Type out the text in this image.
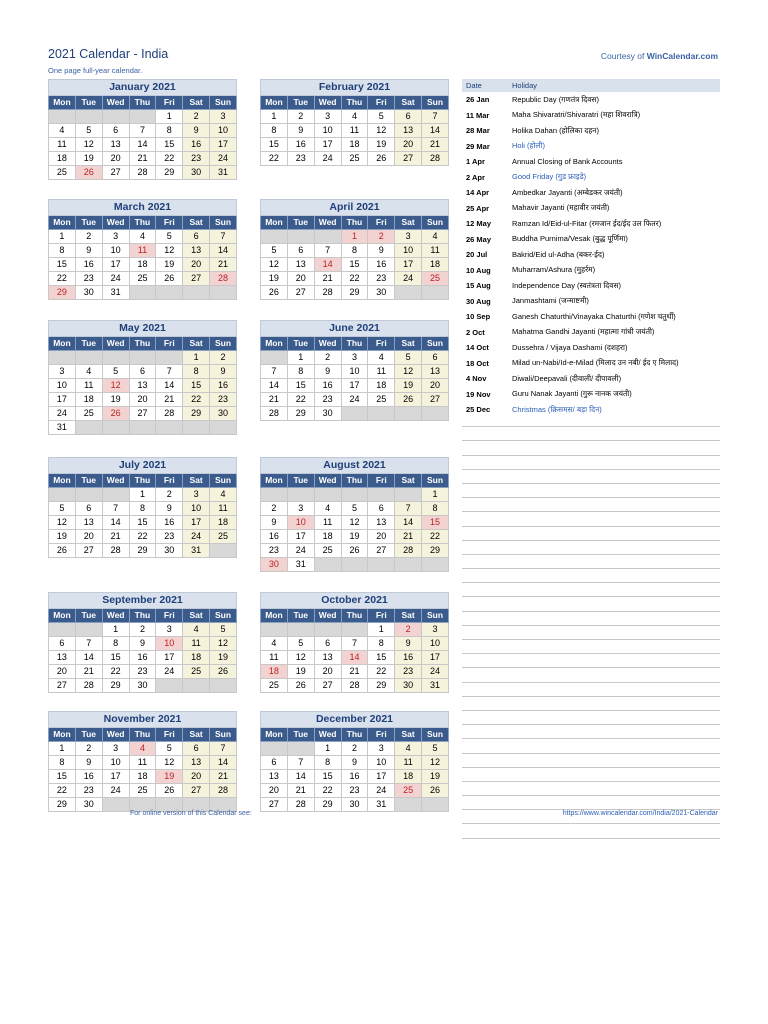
2021 Calendar - India
One page full-year calendar.
Courtesy of WinCalendar.com
January 2021						
Mon	Tue	Wed	Thu	Fri	Sat	Sun
				1	2	3
4	5	6	7	8	9	10
11	12	13	14	15	16	17
18	19	20	21	22	23	24
25	26	27	28	29	30	31
February 2021						
Mon	Tue	Wed	Thu	Fri	Sat	Sun
1	2	3	4	5	6	7
8	9	10	11	12	13	14
15	16	17	18	19	20	21
22	23	24	25	26	27	28
March 2021						
Mon	Tue	Wed	Thu	Fri	Sat	Sun
1	2	3	4	5	6	7
8	9	10	11	12	13	14
15	16	17	18	19	20	21
22	23	24	25	26	27	28
29	30	31				
April 2021						
Mon	Tue	Wed	Thu	Fri	Sat	Sun
			1	2	3	4
5	6	7	8	9	10	11
12	13	14	15	16	17	18
19	20	21	22	23	24	25
26	27	28	29	30		
May 2021						
Mon	Tue	Wed	Thu	Fri	Sat	Sun
					1	2
3	4	5	6	7	8	9
10	11	12	13	14	15	16
17	18	19	20	21	22	23
24	25	26	27	28	29	30
31						
June 2021						
Mon	Tue	Wed	Thu	Fri	Sat	Sun
	1	2	3	4	5	6
7	8	9	10	11	12	13
14	15	16	17	18	19	20
21	22	23	24	25	26	27
28	29	30				
July 2021						
Mon	Tue	Wed	Thu	Fri	Sat	Sun
			1	2	3	4
5	6	7	8	9	10	11
12	13	14	15	16	17	18
19	20	21	22	23	24	25
26	27	28	29	30	31	
August 2021						
Mon	Tue	Wed	Thu	Fri	Sat	Sun
						1
2	3	4	5	6	7	8
9	10	11	12	13	14	15
16	17	18	19	20	21	22
23	24	25	26	27	28	29
30	31					
September 2021						
Mon	Tue	Wed	Thu	Fri	Sat	Sun
		1	2	3	4	5
6	7	8	9	10	11	12
13	14	15	16	17	18	19
20	21	22	23	24	25	26
27	28	29	30			
October 2021						
Mon	Tue	Wed	Thu	Fri	Sat	Sun
				1	2	3
4	5	6	7	8	9	10
11	12	13	14	15	16	17
18	19	20	21	22	23	24
25	26	27	28	29	30	31
November 2021						
Mon	Tue	Wed	Thu	Fri	Sat	Sun
1	2	3	4	5	6	7
8	9	10	11	12	13	14
15	16	17	18	19	20	21
22	23	24	25	26	27	28
29	30					
December 2021						
Mon	Tue	Wed	Thu	Fri	Sat	Sun
		1	2	3	4	5
6	7	8	9	10	11	12
13	14	15	16	17	18	19
20	21	22	23	24	25	26
27	28	29	30	31		
Date	Holiday
26 Jan	Republic Day (गणतंत्र दिवस)
11 Mar	Maha Shivaratri/Shivaratri (महा शिवरात्रि)
28 Mar	Holika Dahan (होलिका दहन)
29 Mar	Holi (होली)
1 Apr	Annual Closing of Bank Accounts
2 Apr	Good Friday (गुड फ्राइडे)
14 Apr	Ambedkar Jayanti (अम्बेडकर जयंती)
25 Apr	Mahavir Jayanti (महावीर जयंती)
12 May	Ramzan Id/Eid-ul-Fitar (रमजान ईद/ईद उल फितर)
26 May	Buddha Purnima/Vesak (बुद्ध पूर्णिमा)
20 Jul	Bakrid/Eid ul-Adha (बकर-ईद)
10 Aug	Muharram/Ashura (मुहर्रम)
15 Aug	Independence Day (स्वतंत्रता दिवस)
30 Aug	Janmashtami (जन्माष्टमी)
10 Sep	Ganesh Chaturthi/Vinayaka Chaturthi (गणेश चतुर्थी)
2 Oct	Mahatma Gandhi Jayanti (महात्मा गांधी जयंती)
14 Oct	Dussehra / Vijaya Dashami (दशहरा)
18 Oct	Milad un-Nabi/Id-e-Milad (मिलाद उन नबी/ ईद ए मिलाद)
4 Nov	Diwali/Deepavali (दीवाली/ दीपावली)
19 Nov	Guru Nanak Jayanti (गुरू नानक जयंती)
25 Dec	Christmas (क्रिसमस/ बड़ा दिन)
For online version of this Calendar see:	https://www.wincalendar.com/India/2021-Calendar
